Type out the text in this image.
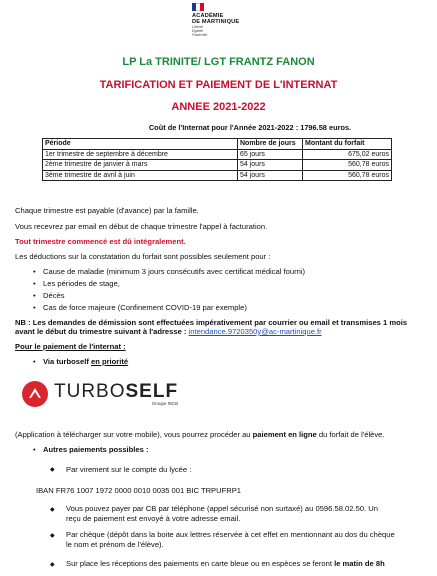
ACADÉMIE
DE MARTINIQUE
Liberté
Égalité
Fraternité
LP La TRINITE/ LGT FRANTZ FANON
TARIFICATION ET PAIEMENT DE L'INTERNAT
ANNEE 2021-2022
Coût de l'Internat pour l'Année 2021-2022 : 1796.58 euros.
Période	Nombre de jours	Montant du forfait
1er trimestre de septembre à décembre	65 jours	675,02 euros
2ème trimestre de janvier à mars	54 jours	560,78 euros
3ème trimestre de avril à juin	54 jours	560,78 euros
Chaque trimestre est payable (d'avance) par la famille.
Vous recevrez par email en début de chaque trimestre l'appel à facturation.
Tout trimestre commencé est dû intégralement.
Les déductions sur la constatation du forfait sont possibles seulement pour :
• Cause de maladie (minimum 3 jours consécutifs avec certificat médical fourni)
• Les périodes de stage,
• Décès
• Cas de force majeure (Confinement COVID-19 par exemple)
NB : Les demandes de démission sont effectuées impérativement par courrier ou email et transmises 1 mois
avant le début du trimestre suivant à l'adresse : intendance.9720350y@ac-martinique.fr
Pour le paiement de l'internat :
• Via turboself en priorité
TURBOSELF
Groupe INCB
(Application à télécharger sur votre mobile), vous pourrez procéder au paiement en ligne du forfait de l'élève.
• Autres paiements possibles :
◆ Par virement sur le compte du lycée :
IBAN FR76 1007 1972 0000 0010 0035 001 BIC TRPUFRP1
◆ Vous pouvez payer par CB par téléphone (appel sécurisé non surtaxé) au 0596.58.02.50. Un
reçu de paiement est envoyé à votre adresse email.
◆ Par chèque (dépôt dans la boite aux lettres réservée à cet effet en mentionnant au dos du chèque
le nom et prénom de l'élève).
◆ Sur place les réceptions des paiements en carte bleue ou en espèces se feront le matin de 8h
